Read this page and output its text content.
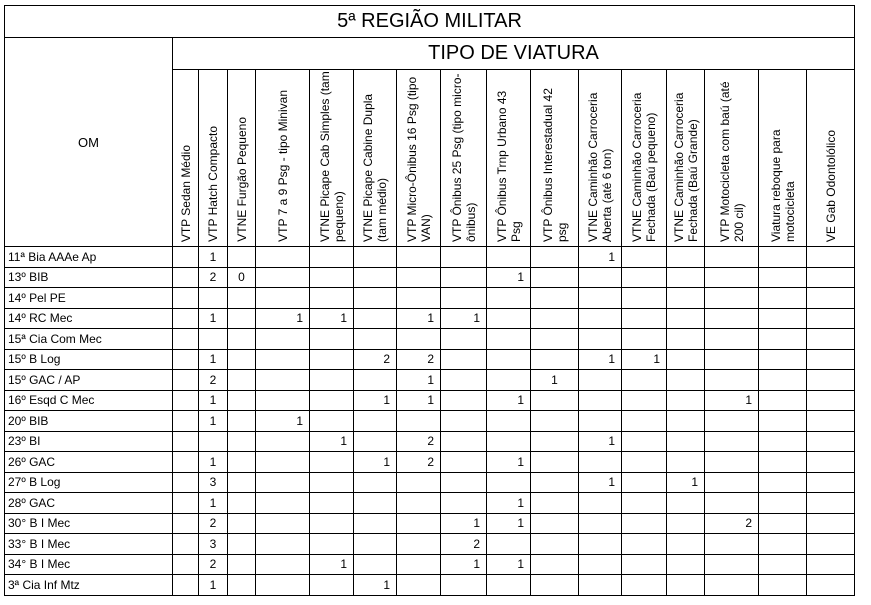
5ª REGIÃO MILITAR																
OM	TIPO DE VIATURA															

	VTP Sedan Médio	VTP Hatch Compacto	VTNE Furgão Pequeno	VTP 7 a 9 Psg - tipo Minivan	VTNE Picape Cab Simples (tam pequeno)	VTNE Picape Cabine Dupla (tam médio)	VTP Micro-Ônibus 16 Psg (tipo VAN)	VTP Ônibus 25 Psg (tipo micro-ônibus)	VTP Ônibus Trnp Urbano 43 Psg	VTP Ônibus Interestadual 42 psg	VTNE Caminhão Carroceria Aberta (até 6 ton)	VTNE Caminhão Carroceria Fechada (Baú pequeno)	VTNE Caminhão Carroceria Fechada (Baú Grande)	VTP Motocicleta com baú (até 200 cil)	Viatura reboque para motocicleta	VE Gab Odontolólico

11ª Bia AAAe Ap		1									1					
13º BIB		2	0						1							
14º Pel PE																
14º RC Mec		1		1	1		1	1								
15ª Cia Com Mec																
15º B Log		1				2	2				1	1				
15º GAC / AP		2					1			1						
16º Esqd C Mec		1				1	1		1					1		
20º BIB		1		1												
23º BI					1		2				1					
26º GAC		1				1	2		1							
27º B Log		3									1		1			
28º GAC		1							1							
30° B I Mec		2						1	1					2		
33° B I Mec		3						2								
34° B I Mec		2			1			1	1							
3ª Cia Inf Mtz		1				1										
